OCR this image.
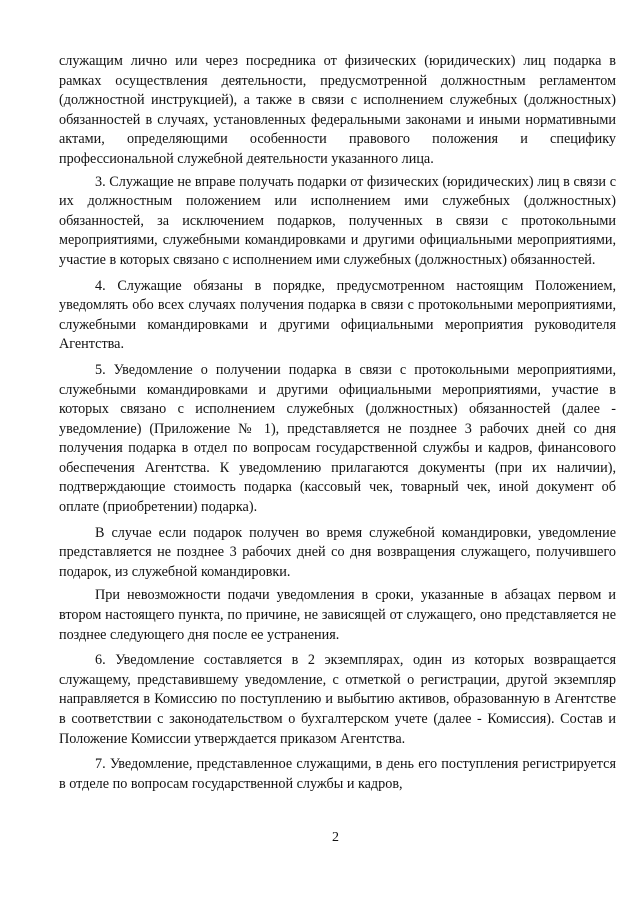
служащим лично или через посредника от физических (юридических) лиц подарка в рамках осуществления деятельности, предусмотренной должностным регламентом (должностной инструкцией), а также в связи с исполнением служебных (должностных) обязанностей в случаях, установленных федеральными законами и иными нормативными актами, определяющими особенности правового положения и специфику профессиональной служебной деятельности указанного лица.

3. Служащие не вправе получать подарки от физических (юридических) лиц в связи с их должностным положением или исполнением ими служебных (должностных) обязанностей, за исключением подарков, полученных в связи с протокольными мероприятиями, служебными командировками и другими официальными мероприятиями, участие в которых связано с исполнением ими служебных (должностных) обязанностей.

4. Служащие обязаны в порядке, предусмотренном настоящим Положением, уведомлять обо всех случаях получения подарка в связи с протокольными мероприятиями, служебными командировками и другими официальными мероприятия руководителя Агентства.

5. Уведомление о получении подарка в связи с протокольными мероприятиями, служебными командировками и другими официальными мероприятиями, участие в которых связано с исполнением служебных (должностных) обязанностей (далее - уведомление) (Приложение № 1), представляется не позднее 3 рабочих дней со дня получения подарка в отдел по вопросам государственной службы и кадров, финансового обеспечения Агентства. К уведомлению прилагаются документы (при их наличии), подтверждающие стоимость подарка (кассовый чек, товарный чек, иной документ об оплате (приобретении) подарка).

В случае если подарок получен во время служебной командировки, уведомление представляется не позднее 3 рабочих дней со дня возвращения служащего, получившего подарок, из служебной командировки.

При невозможности подачи уведомления в сроки, указанные в абзацах первом и втором настоящего пункта, по причине, не зависящей от служащего, оно представляется не позднее следующего дня после ее устранения.

6. Уведомление составляется в 2 экземплярах, один из которых возвращается служащему, представившему уведомление, с отметкой о регистрации, другой экземпляр направляется в Комиссию по поступлению и выбытию активов, образованную в Агентстве в соответствии с законодательством о бухгалтерском учете (далее - Комиссия). Состав и Положение Комиссии утверждается приказом Агентства.

7. Уведомление, представленное служащими, в день его поступления регистрируется в отделе по вопросам государственной службы и кадров,

2
